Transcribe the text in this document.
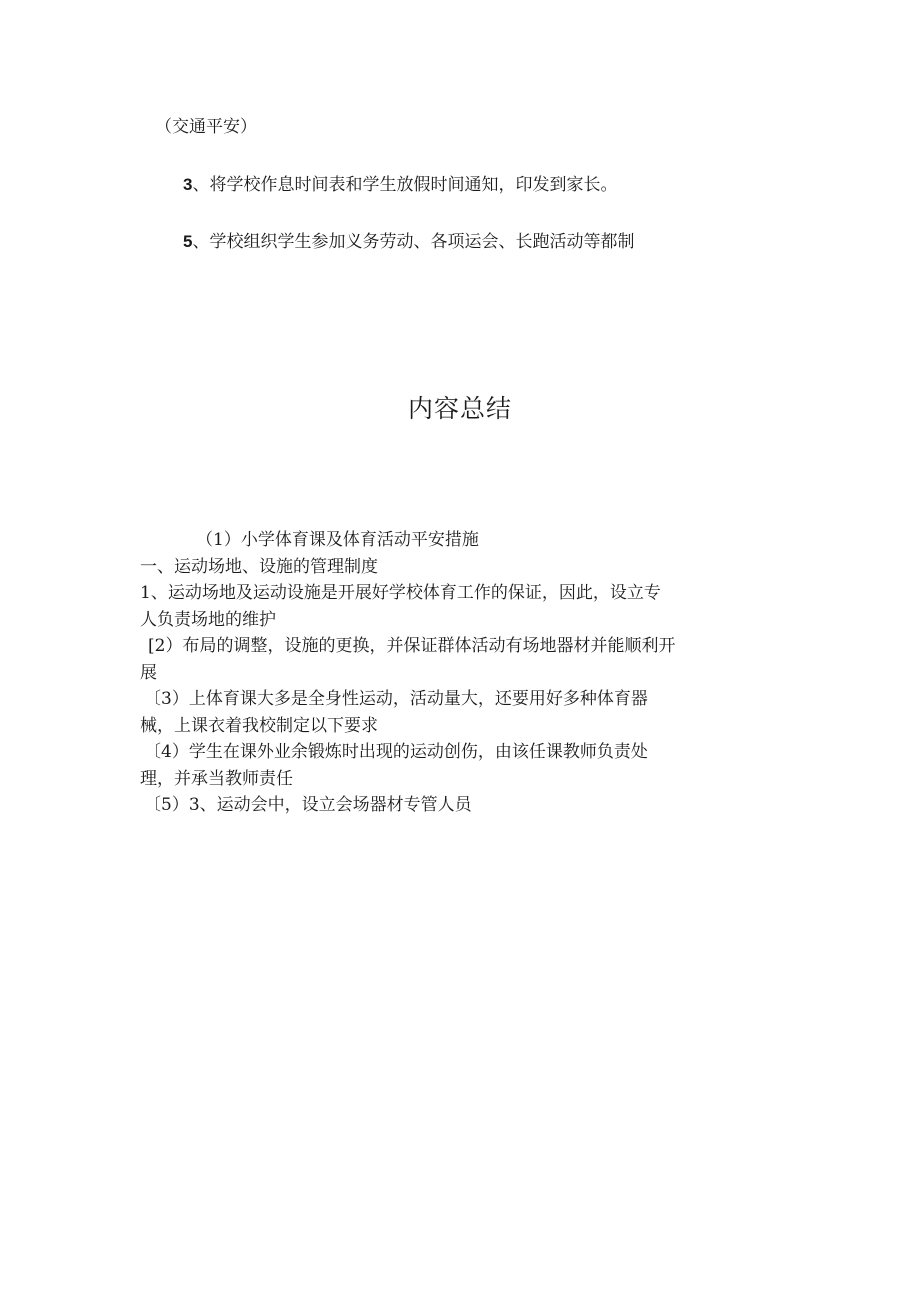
（交通平安）
3、将学校作息时间表和学生放假时间通知，印发到家长。
5、学校组织学生参加义务劳动、各项运会、长跑活动等都制
内容总结
（1）小学体育课及体育活动平安措施
一、运动场地、设施的管理制度
1、运动场地及运动设施是开展好学校体育工作的保证，因此，设立专
人负责场地的维护
[2）布局的调整，设施的更换，并保证群体活动有场地器材并能顺利开
展
〔3）上体育课大多是全身性运动，活动量大，还要用好多种体育器
械，上课衣着我校制定以下要求
〔4）学生在课外业余锻炼时出现的运动创伤，由该任课教师负责处
理，并承当教师责任
〔5）3、运动会中，设立会场器材专管人员
